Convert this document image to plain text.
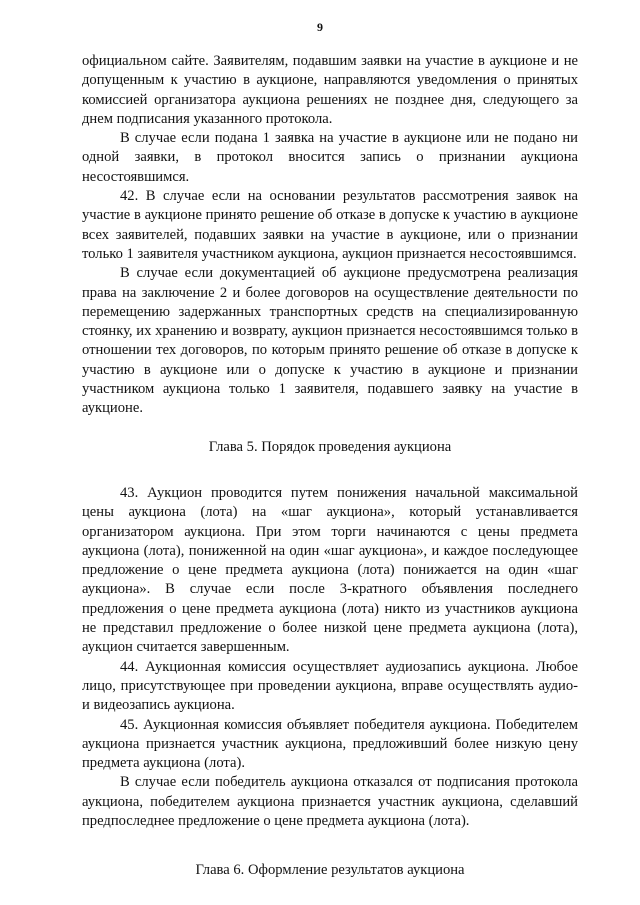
9

официальном сайте. Заявителям, подавшим заявки на участие в аукционе и не допущенным к участию в аукционе, направляются уведомления о принятых комиссией организатора аукциона решениях не позднее дня, следующего за днем подписания указанного протокола.

В случае если подана 1 заявка на участие в аукционе или не подано ни одной заявки, в протокол вносится запись о признании аукциона несостоявшимся.

42. В случае если на основании результатов рассмотрения заявок на участие в аукционе принято решение об отказе в допуске к участию в аукционе всех заявителей, подавших заявки на участие в аукционе, или о признании только 1 заявителя участником аукциона, аукцион признается несостоявшимся.

В случае если документацией об аукционе предусмотрена реализация права на заключение 2 и более договоров на осуществление деятельности по перемещению задержанных транспортных средств на специализированную стоянку, их хранению и возврату, аукцион признается несостоявшимся только в отношении тех договоров, по которым принято решение об отказе в допуске к участию в аукционе или о допуске к участию в аукционе и признании участником аукциона только 1 заявителя, подавшего заявку на участие в аукционе.

Глава 5. Порядок проведения аукциона

43. Аукцион проводится путем понижения начальной максимальной цены аукциона (лота) на «шаг аукциона», который устанавливается организатором аукциона. При этом торги начинаются с цены предмета аукциона (лота), пониженной на один «шаг аукциона», и каждое последующее предложение о цене предмета аукциона (лота) понижается на один «шаг аукциона». В случае если после 3-кратного объявления последнего предложения о цене предмета аукциона (лота) никто из участников аукциона не представил предложение о более низкой цене предмета аукциона (лота), аукцион считается завершенным.

44. Аукционная комиссия осуществляет аудиозапись аукциона. Любое лицо, присутствующее при проведении аукциона, вправе осуществлять аудио- и видеозапись аукциона.

45. Аукционная комиссия объявляет победителя аукциона. Победителем аукциона признается участник аукциона, предложивший более низкую цену предмета аукциона (лота).

В случае если победитель аукциона отказался от подписания протокола аукциона, победителем аукциона признается участник аукциона, сделавший предпоследнее предложение о цене предмета аукциона (лота).

Глава 6. Оформление результатов аукциона
